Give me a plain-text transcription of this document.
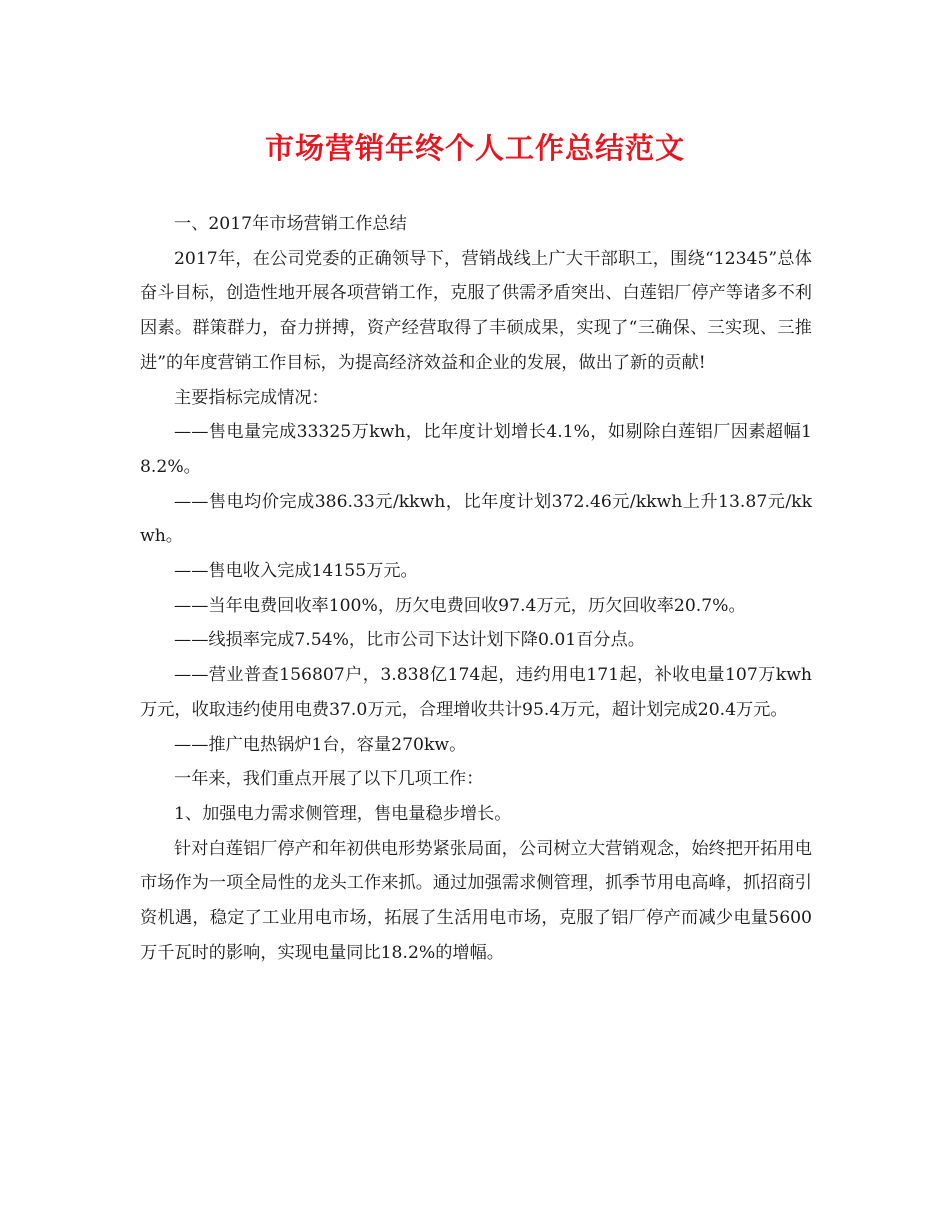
市场营销年终个人工作总结范文

一、2017年市场营销工作总结

2017年，在公司党委的正确领导下，营销战线上广大干部职工，围绕“12345”总体奋斗目标，创造性地开展各项营销工作，克服了供需矛盾突出、白莲铝厂停产等诸多不利因素。群策群力，奋力拼搏，资产经营取得了丰硕成果，实现了“三确保、三实现、三推进”的年度营销工作目标，为提高经济效益和企业的发展，做出了新的贡献!

主要指标完成情况：

——售电量完成33325万kwh，比年度计划增长4.1%，如剔除白莲铝厂因素超幅18.2%。

——售电均价完成386.33元/kkwh，比年度计划372.46元/kkwh上升13.87元/kkwh。

——售电收入完成14155万元。

——当年电费回收率100%，历欠电费回收97.4万元，历欠回收率20.7%。

——线损率完成7.54%，比市公司下达计划下降0.01百分点。

——营业普查156807户，3.838亿174起，违约用电171起，补收电量107万kwh万元，收取违约使用电费37.0万元，合理增收共计95.4万元，超计划完成20.4万元。

——推广电热锅炉1台，容量270kw。

一年来，我们重点开展了以下几项工作：

1、加强电力需求侧管理，售电量稳步增长。

针对白莲铝厂停产和年初供电形势紧张局面，公司树立大营销观念，始终把开拓用电市场作为一项全局性的龙头工作来抓。通过加强需求侧管理，抓季节用电高峰，抓招商引资机遇，稳定了工业用电市场，拓展了生活用电市场，克服了铝厂停产而减少电量5600万千瓦时的影响，实现电量同比18.2%的增幅。
